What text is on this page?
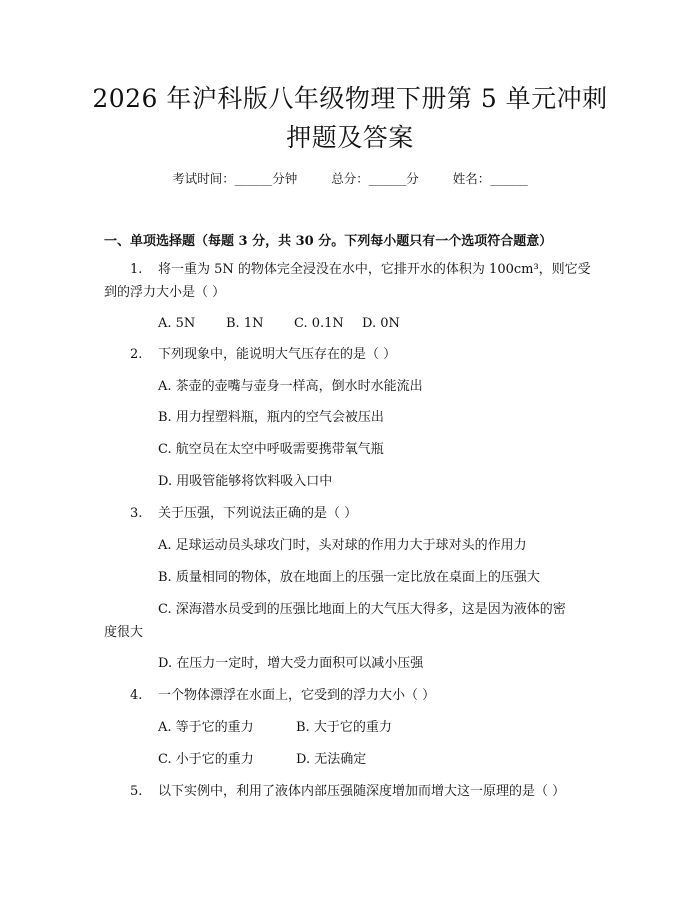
2026 年沪科版八年级物理下册第 5 单元冲刺
押题及答案
考试时间：______分钟	总分：______分	姓名：______
一、单项选择题（每题 3 分，共 30 分。下列每小题只有一个选项符合题意）
1. 将一重为 5N 的物体完全浸没在水中，它排开水的体积为 100cm³，则它受
到的浮力大小是（ ）
A. 5N B. 1N C. 0.1N D. 0N
2. 下列现象中，能说明大气压存在的是（ ）
A. 茶壶的壶嘴与壶身一样高，倒水时水能流出
B. 用力捏塑料瓶，瓶内的空气会被压出
C. 航空员在太空中呼吸需要携带氧气瓶
D. 用吸管能够将饮料吸入口中
3. 关于压强，下列说法正确的是（ ）
A. 足球运动员头球攻门时，头对球的作用力大于球对头的作用力
B. 质量相同的物体，放在地面上的压强一定比放在桌面上的压强大
C. 深海潜水员受到的压强比地面上的大气压大得多，这是因为液体的密
度很大
D. 在压力一定时，增大受力面积可以减小压强
4. 一个物体漂浮在水面上，它受到的浮力大小（ ）
A. 等于它的重力	B. 大于它的重力
C. 小于它的重力	D. 无法确定
5. 以下实例中，利用了液体内部压强随深度增加而增大这一原理的是（ ）
